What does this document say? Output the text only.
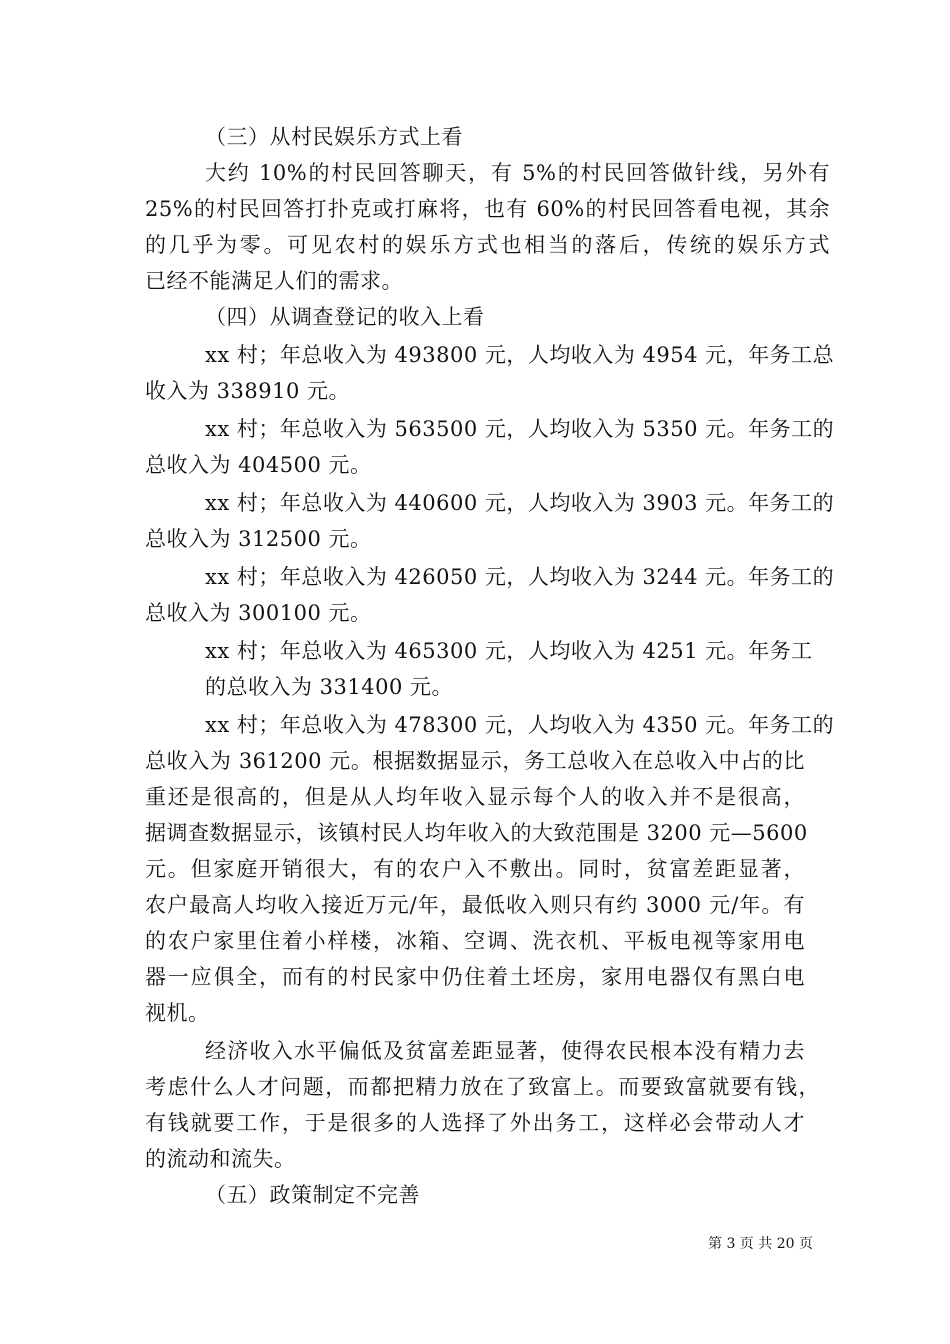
（三）从村民娱乐方式上看
大约 10%的村民回答聊天，有 5%的村民回答做针线，另外有
25%的村民回答打扑克或打麻将，也有 60%的村民回答看电视，其余
的几乎为零。可见农村的娱乐方式也相当的落后，传统的娱乐方式
已经不能满足人们的需求。
（四）从调查登记的收入上看
xx 村；年总收入为 493800 元，人均收入为 4954 元，年务工总
收入为 338910 元。
xx 村；年总收入为 563500 元，人均收入为 5350 元。年务工的
总收入为 404500 元。
xx 村；年总收入为 440600 元，人均收入为 3903 元。年务工的
总收入为 312500 元。
xx 村；年总收入为 426050 元，人均收入为 3244 元。年务工的
总收入为 300100 元。
xx 村；年总收入为 465300 元，人均收入为 4251 元。年务工
的总收入为 331400 元。
xx 村；年总收入为 478300 元，人均收入为 4350 元。年务工的
总收入为 361200 元。根据数据显示，务工总收入在总收入中占的比
重还是很高的，但是从人均年收入显示每个人的收入并不是很高，
据调查数据显示，该镇村民人均年收入的大致范围是 3200 元—5600
元。但家庭开销很大，有的农户入不敷出。同时，贫富差距显著，
农户最高人均收入接近万元/年，最低收入则只有约 3000 元/年。有
的农户家里住着小样楼，冰箱、空调、洗衣机、平板电视等家用电
器一应俱全，而有的村民家中仍住着土坯房，家用电器仅有黑白电
视机。
经济收入水平偏低及贫富差距显著，使得农民根本没有精力去
考虑什么人才问题，而都把精力放在了致富上。而要致富就要有钱，
有钱就要工作，于是很多的人选择了外出务工，这样必会带动人才
的流动和流失。
（五）政策制定不完善
第 3 页 共 20 页
